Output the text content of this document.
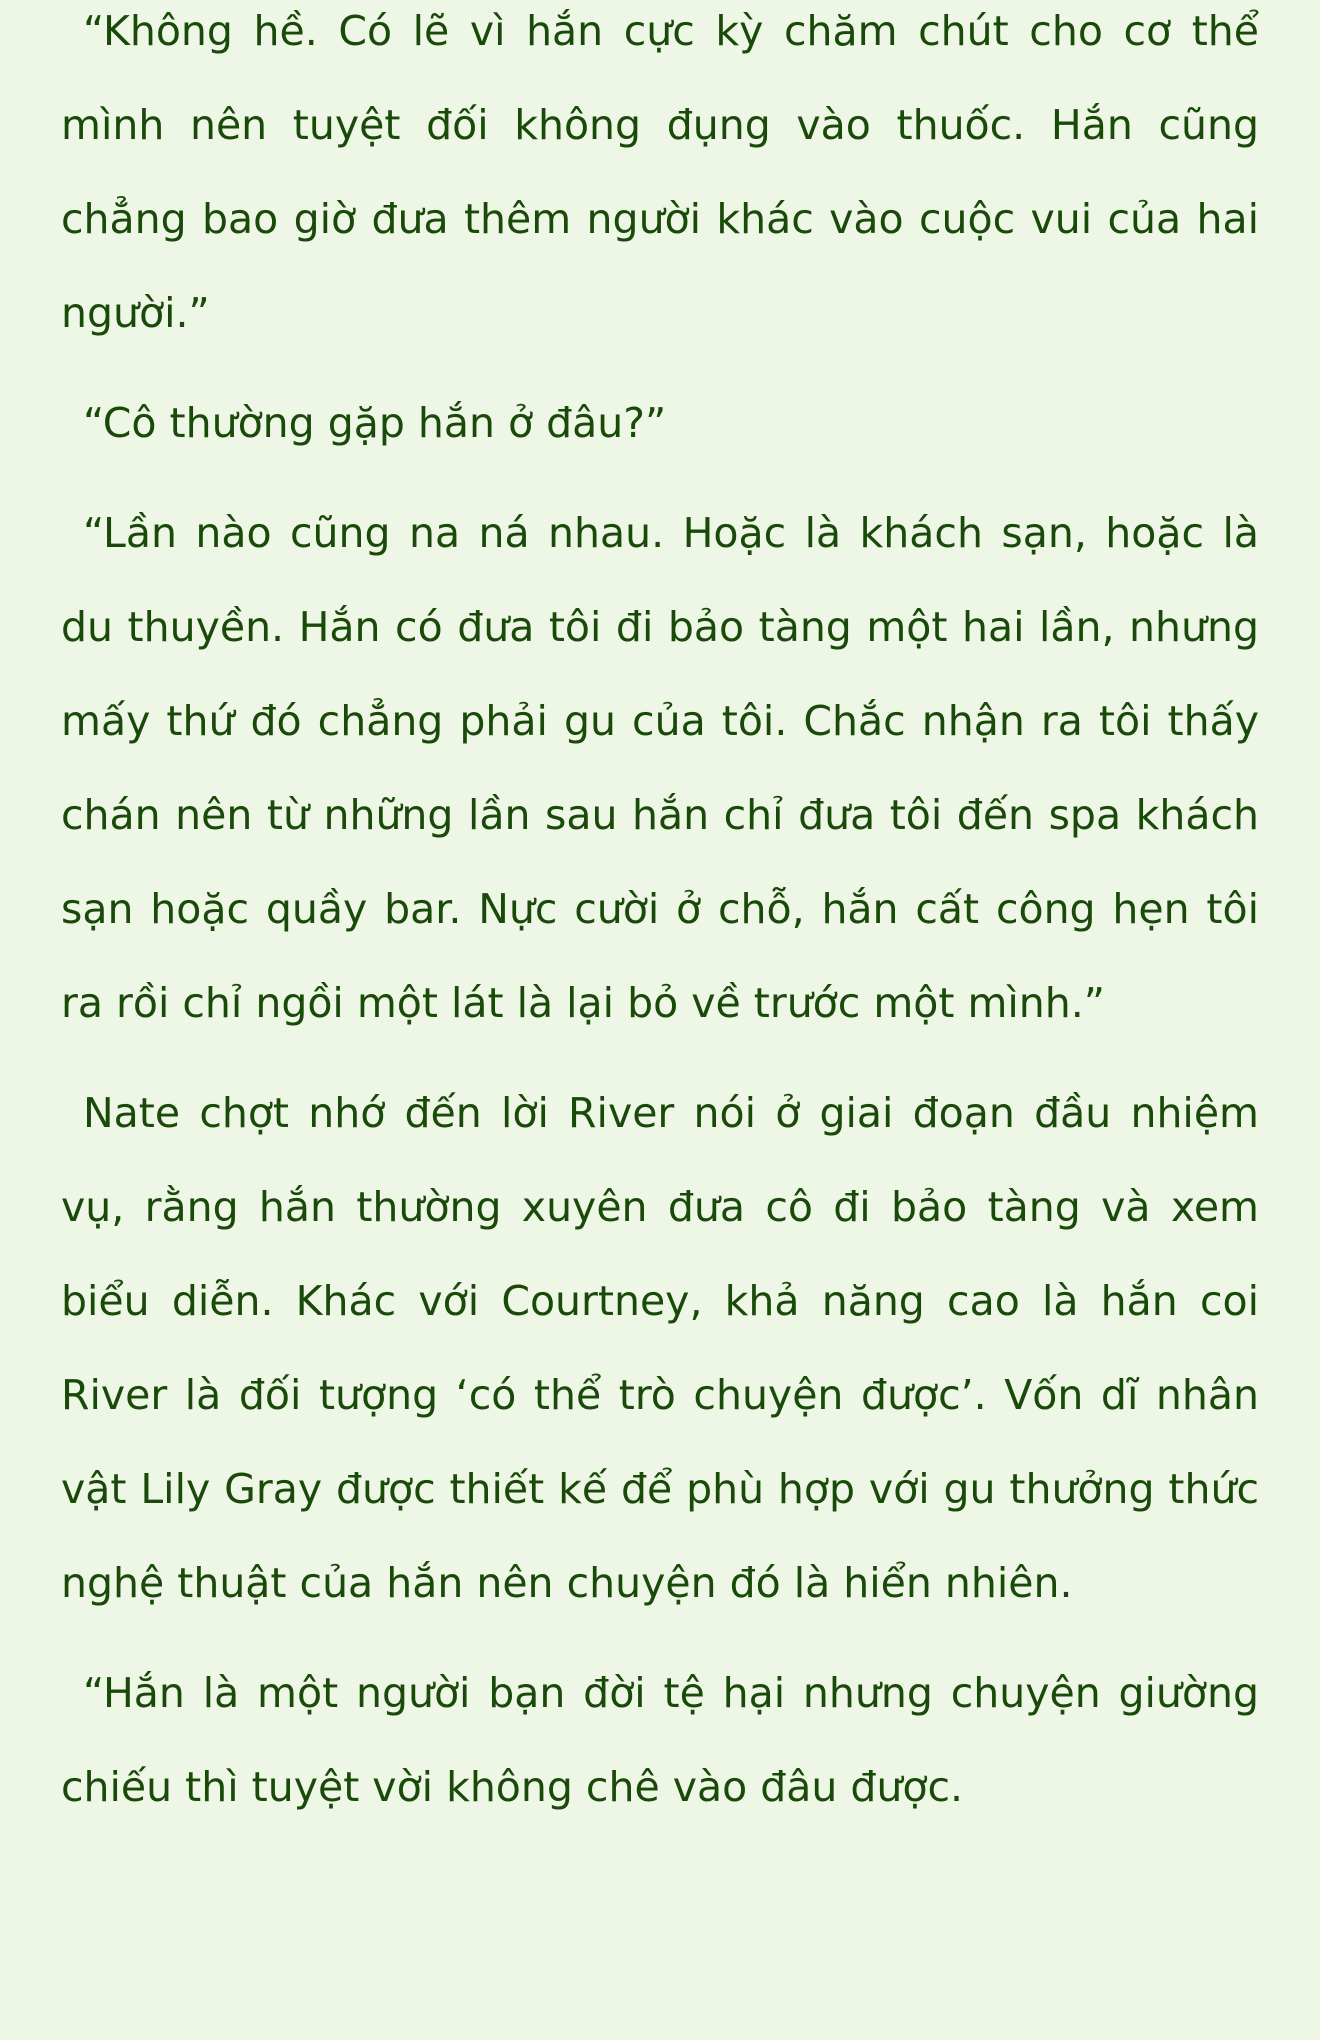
“Không hề. Có lẽ vì hắn cực kỳ chăm chút cho cơ thể mình nên tuyệt đối không đụng vào thuốc. Hắn cũng chẳng bao giờ đưa thêm người khác vào cuộc vui của hai người.”

“Cô thường gặp hắn ở đâu?”

“Lần nào cũng na ná nhau. Hoặc là khách sạn, hoặc là du thuyền. Hắn có đưa tôi đi bảo tàng một hai lần, nhưng mấy thứ đó chẳng phải gu của tôi. Chắc nhận ra tôi thấy chán nên từ những lần sau hắn chỉ đưa tôi đến spa khách sạn hoặc quầy bar. Nực cười ở chỗ, hắn cất công hẹn tôi ra rồi chỉ ngồi một lát là lại bỏ về trước một mình.”

Nate chợt nhớ đến lời River nói ở giai đoạn đầu nhiệm vụ, rằng hắn thường xuyên đưa cô đi bảo tàng và xem biểu diễn. Khác với Courtney, khả năng cao là hắn coi River là đối tượng ‘có thể trò chuyện được’. Vốn dĩ nhân vật Lily Gray được thiết kế để phù hợp với gu thưởng thức nghệ thuật của hắn nên chuyện đó là hiển nhiên.

“Hắn là một người bạn đời tệ hại nhưng chuyện giường chiếu thì tuyệt vời không chê vào đâu được.
